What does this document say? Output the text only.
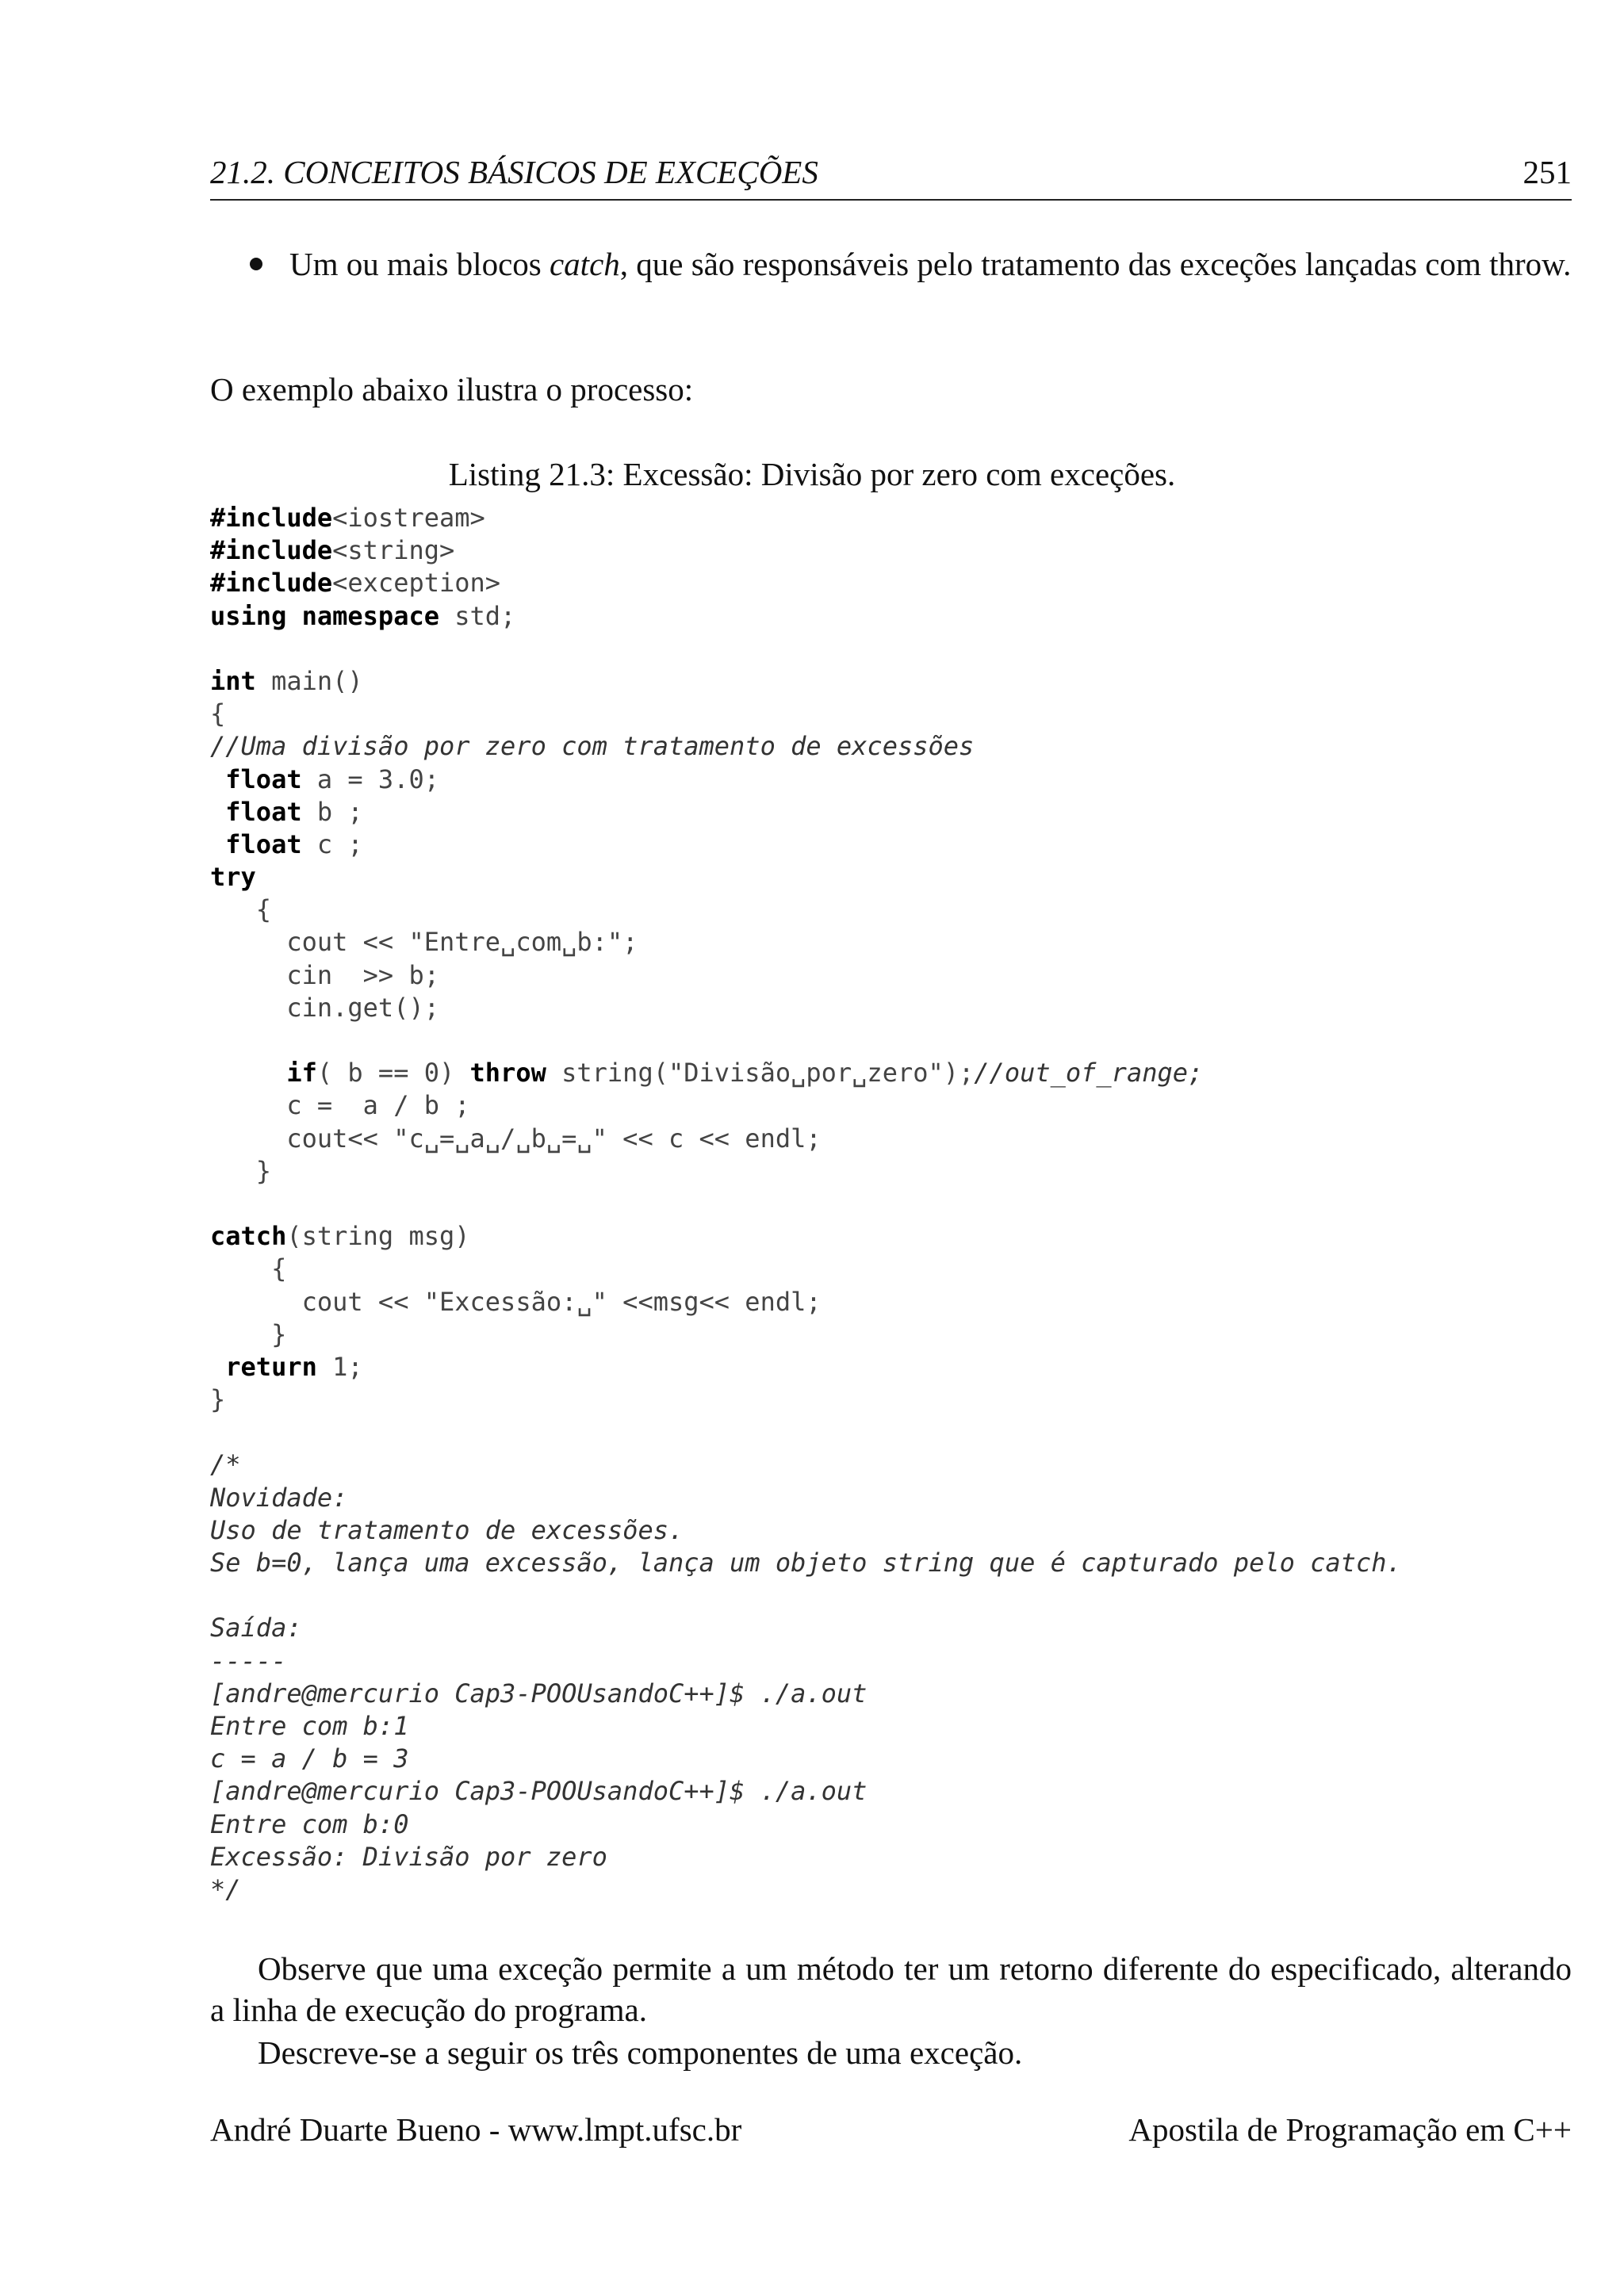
21.2. CONCEITOS BÁSICOS DE EXCEÇÕES	251
Um ou mais blocos catch, que são responsáveis pelo tratamento das exceções lançadas com throw.
O exemplo abaixo ilustra o processo:
Listing 21.3: Excessão: Divisão por zero com exceções.
#include<iostream>
#include<string>
#include<exception>
using namespace std;
int main()
{
//Uma divisão por zero com tratamento de excessões
float a = 3.0;
float b ;
float c ;
try
{
cout << "Entre␣com␣b:";
cin  >> b;
cin.get();
if( b == 0) throw string("Divisão␣por␣zero");//out_of_range;
c =  a / b ;
cout<< "c␣=␣a␣/␣b␣=␣" << c << endl;
}
catch(string msg)
{
cout << "Excessão:␣" <<msg<< endl;
}
return 1;
}
/*
Novidade:
Uso de tratamento de excessões.
Se b=0, lança uma excessão, lança um objeto string que é capturado pelo catch.
Saída:
-----
[andre@mercurio Cap3-POOUsandoC++]$ ./a.out
Entre com b:1
c = a / b = 3
[andre@mercurio Cap3-POOUsandoC++]$ ./a.out
Entre com b:0
Excessão: Divisão por zero
*/
Observe que uma exceção permite a um método ter um retorno diferente do especificado, alterando a linha de execução do programa.
Descreve-se a seguir os três componentes de uma exceção.
André Duarte Bueno - www.lmpt.ufsc.br	Apostila de Programação em C++
